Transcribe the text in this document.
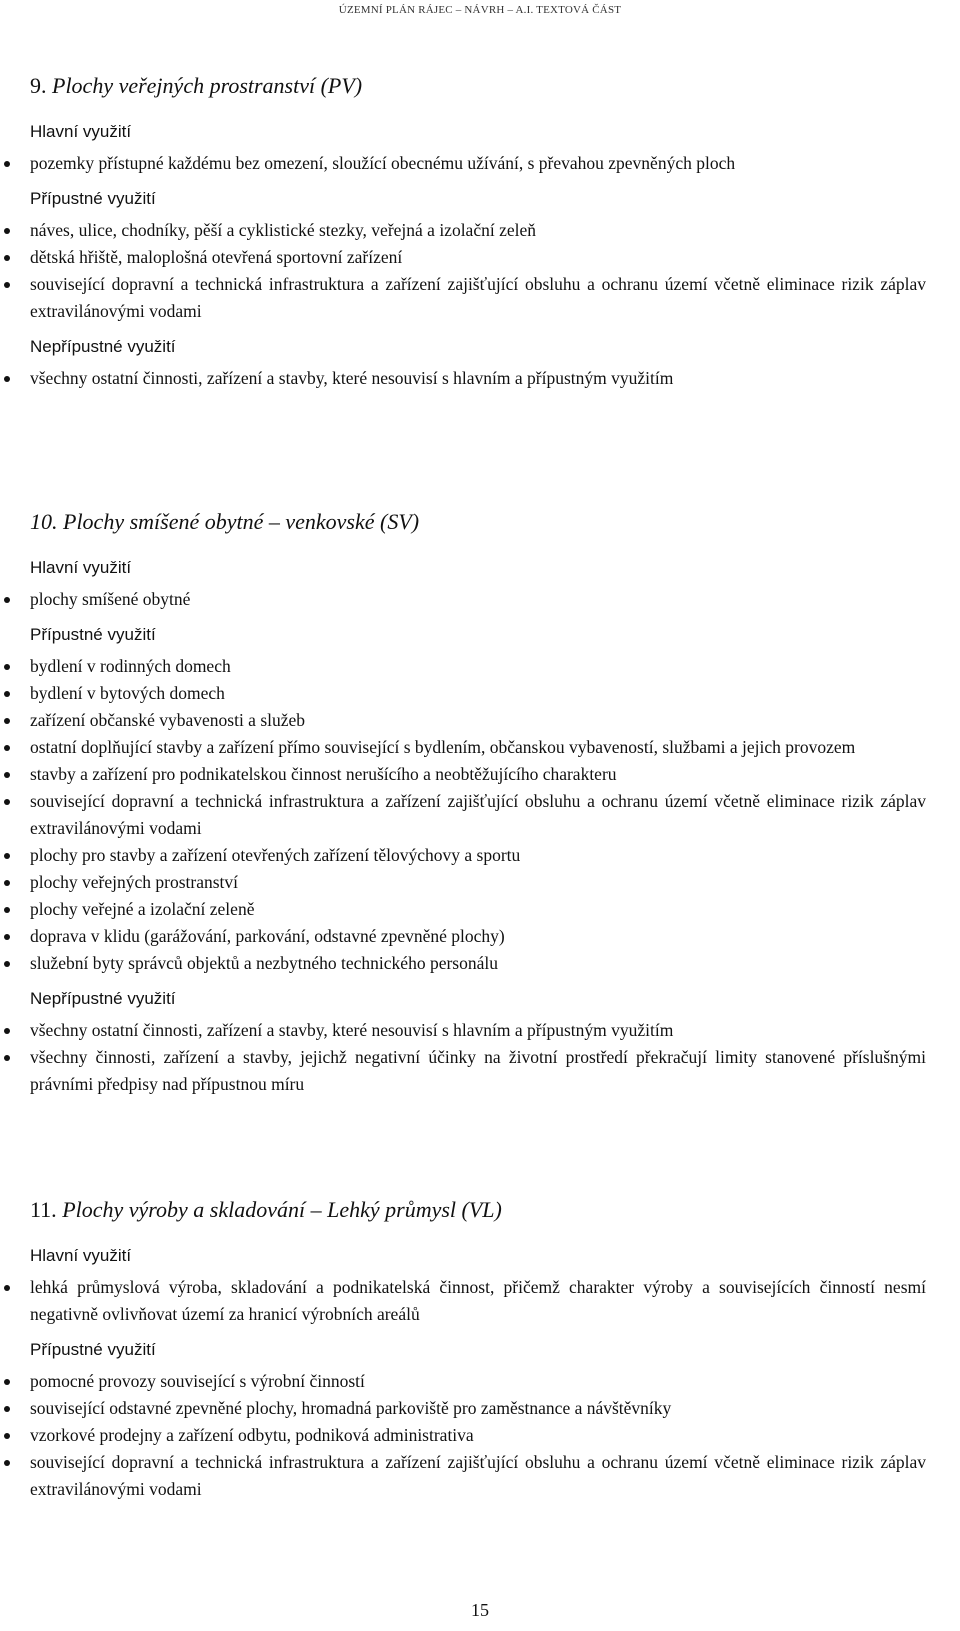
ÚZEMNÍ PLÁN RÁJEC – NÁVRH – A.I. TEXTOVÁ ČÁST
9. Plochy veřejných prostranství (PV)
Hlavní využití
pozemky přístupné každému bez omezení, sloužící obecnému užívání, s převahou zpevněných ploch
Přípustné využití
náves, ulice, chodníky, pěší a cyklistické stezky, veřejná a izolační zeleň
dětská hřiště, maloplošná otevřená sportovní zařízení
související dopravní a technická infrastruktura a zařízení zajišťující obsluhu a ochranu území včetně eliminace rizik záplav extravilánovými vodami
Nepřípustné využití
všechny ostatní činnosti, zařízení a stavby, které nesouvisí s hlavním a přípustným využitím
10. Plochy smíšené obytné – venkovské (SV)
Hlavní využití
plochy smíšené obytné
Přípustné využití
bydlení v rodinných domech
bydlení v bytových domech
zařízení občanské vybavenosti a služeb
ostatní doplňující stavby a zařízení přímo související s bydlením, občanskou vybaveností, službami a jejich provozem
stavby a zařízení pro podnikatelskou činnost nerušícího a neobtěžujícího charakteru
související dopravní a technická infrastruktura a zařízení zajišťující obsluhu a ochranu území včetně eliminace rizik záplav extravilánovými vodami
plochy pro stavby a zařízení otevřených zařízení tělovýchovy a sportu
plochy veřejných prostranství
plochy veřejné a izolační zeleně
doprava v klidu (garážování, parkování, odstavné zpevněné plochy)
služební byty správců objektů a nezbytného technického personálu
Nepřípustné využití
všechny ostatní činnosti, zařízení a stavby, které nesouvisí s hlavním a přípustným využitím
všechny činnosti, zařízení a stavby, jejichž negativní účinky na životní prostředí překračují limity stanovené příslušnými právními předpisy nad přípustnou míru
11. Plochy výroby a skladování – Lehký průmysl (VL)
Hlavní využití
lehká průmyslová výroba, skladování a podnikatelská činnost, přičemž charakter výroby a souvisejících činností nesmí negativně ovlivňovat území za hranicí výrobních areálů
Přípustné využití
pomocné provozy související s výrobní činností
související odstavné zpevněné plochy, hromadná parkoviště pro zaměstnance a návštěvníky
vzorkové prodejny a zařízení odbytu, podniková administrativa
související dopravní a technická infrastruktura a zařízení zajišťující obsluhu a ochranu území včetně eliminace rizik záplav extravilánovými vodami
15
